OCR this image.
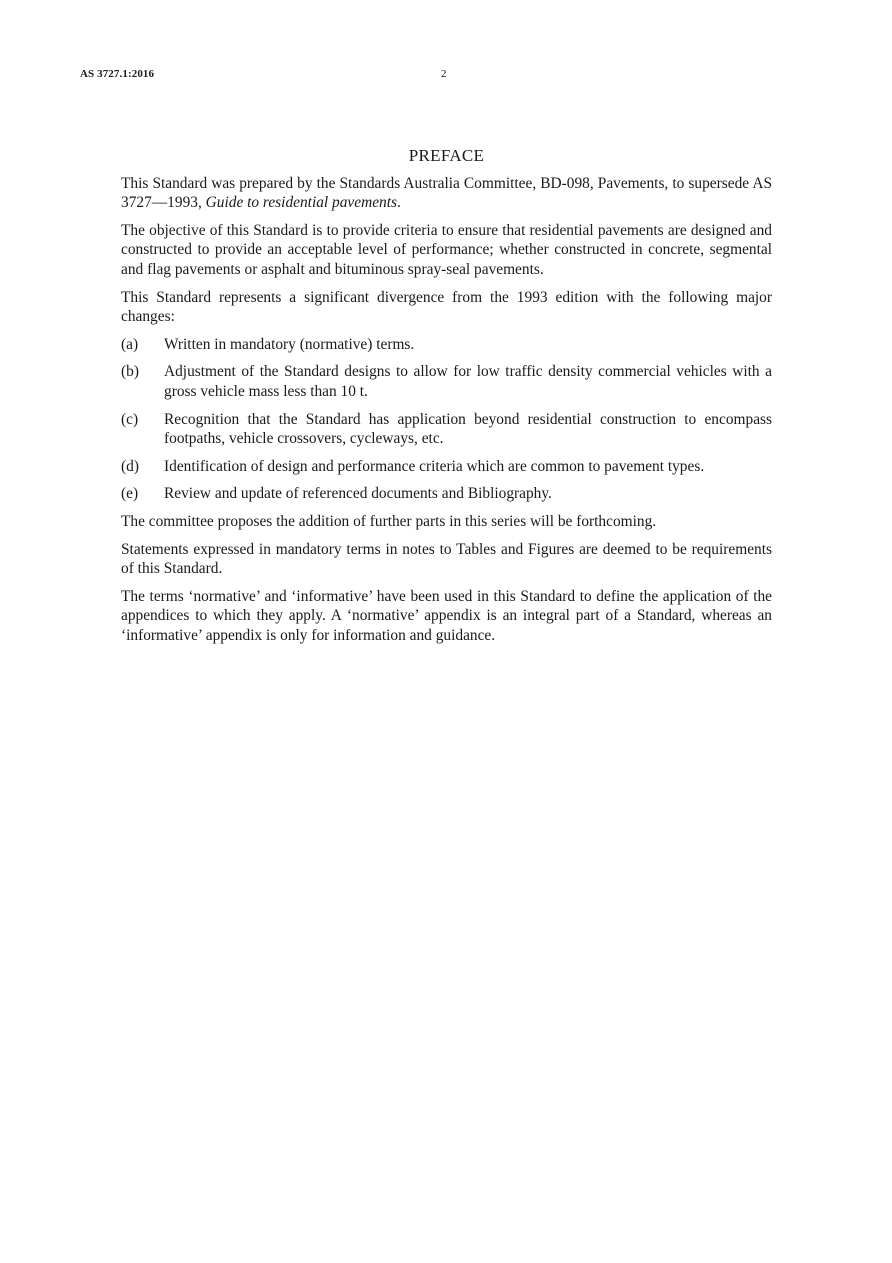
AS 3727.1:2016	2
PREFACE

This Standard was prepared by the Standards Australia Committee, BD-098, Pavements, to supersede AS 3727—1993, Guide to residential pavements.

The objective of this Standard is to provide criteria to ensure that residential pavements are designed and constructed to provide an acceptable level of performance; whether constructed in concrete, segmental and flag pavements or asphalt and bituminous spray-seal pavements.

This Standard represents a significant divergence from the 1993 edition with the following major changes:

(a)	Written in mandatory (normative) terms.
(b)	Adjustment of the Standard designs to allow for low traffic density commercial vehicles with a gross vehicle mass less than 10 t.
(c)	Recognition that the Standard has application beyond residential construction to encompass footpaths, vehicle crossovers, cycleways, etc.
(d)	Identification of design and performance criteria which are common to pavement types.
(e)	Review and update of referenced documents and Bibliography.

The committee proposes the addition of further parts in this series will be forthcoming.

Statements expressed in mandatory terms in notes to Tables and Figures are deemed to be requirements of this Standard.

The terms ‘normative’ and ‘informative’ have been used in this Standard to define the application of the appendices to which they apply. A ‘normative’ appendix is an integral part of a Standard, whereas an ‘informative’ appendix is only for information and guidance.
